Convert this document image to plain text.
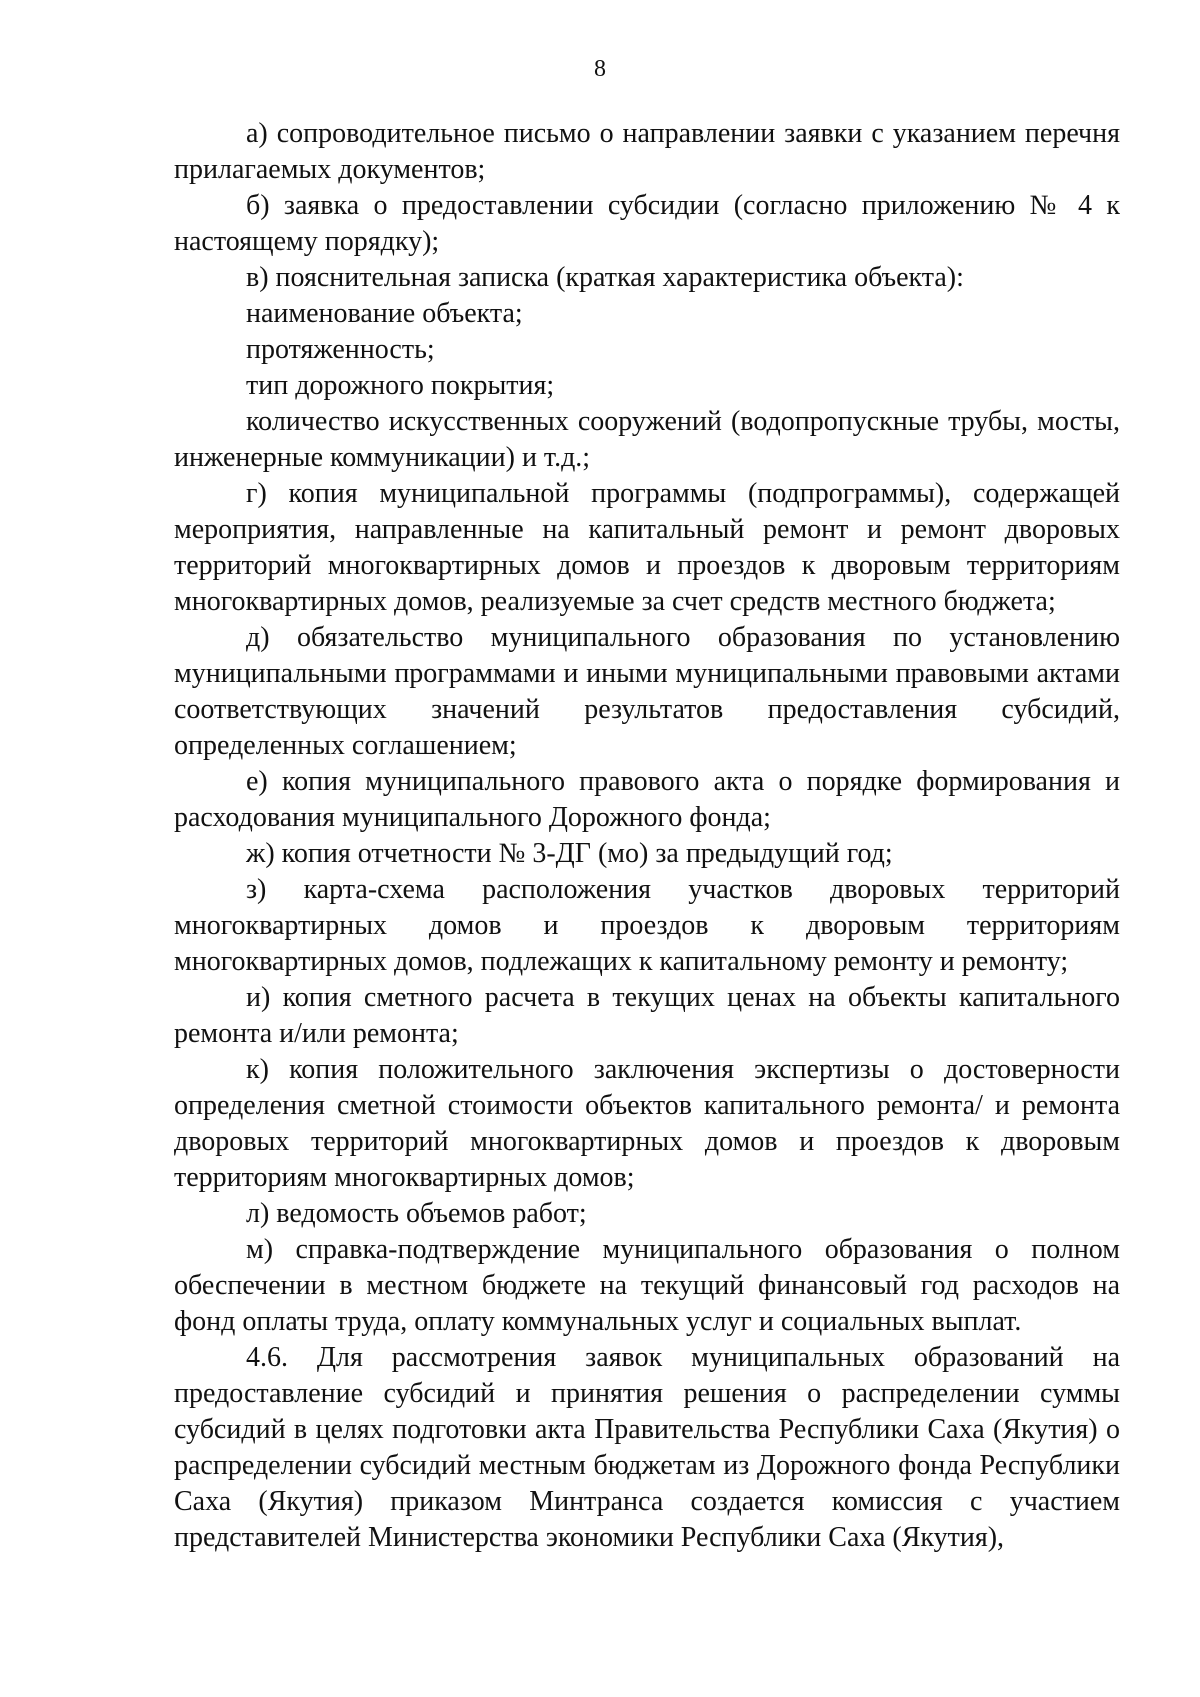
8

а) сопроводительное письмо о направлении заявки с указанием перечня прилагаемых документов;

б) заявка о предоставлении субсидии (согласно приложению № 4 к настоящему порядку);

в) пояснительная записка (краткая характеристика объекта):

наименование объекта;

протяженность;

тип дорожного покрытия;

количество искусственных сооружений (водопропускные трубы, мосты, инженерные коммуникации) и т.д.;

г) копия муниципальной программы (подпрограммы), содержащей мероприятия, направленные на капитальный ремонт и ремонт дворовых территорий многоквартирных домов и проездов к дворовым территориям многоквартирных домов, реализуемые за счет средств местного бюджета;

д) обязательство муниципального образования по установлению муниципальными программами и иными муниципальными правовыми актами соответствующих значений результатов предоставления субсидий, определенных соглашением;

е) копия муниципального правового акта о порядке формирования и расходования муниципального Дорожного фонда;

ж) копия отчетности № 3-ДГ (мо) за предыдущий год;

з) карта-схема расположения участков дворовых территорий многоквартирных домов и проездов к дворовым территориям многоквартирных домов, подлежащих к капитальному ремонту и ремонту;

и) копия сметного расчета в текущих ценах на объекты капитального ремонта и/или ремонта;

к) копия положительного заключения экспертизы о достоверности определения сметной стоимости объектов капитального ремонта/ и ремонта дворовых территорий многоквартирных домов и проездов к дворовым территориям многоквартирных домов;

л) ведомость объемов работ;

м) справка-подтверждение муниципального образования о полном обеспечении в местном бюджете на текущий финансовый год расходов на фонд оплаты труда, оплату коммунальных услуг и социальных выплат.

4.6. Для рассмотрения заявок муниципальных образований на предоставление субсидий и принятия решения о распределении суммы субсидий в целях подготовки акта Правительства Республики Саха (Якутия) о распределении субсидий местным бюджетам из Дорожного фонда Республики Саха (Якутия) приказом Минтранса создается комиссия с участием представителей Министерства экономики Республики Саха (Якутия),
